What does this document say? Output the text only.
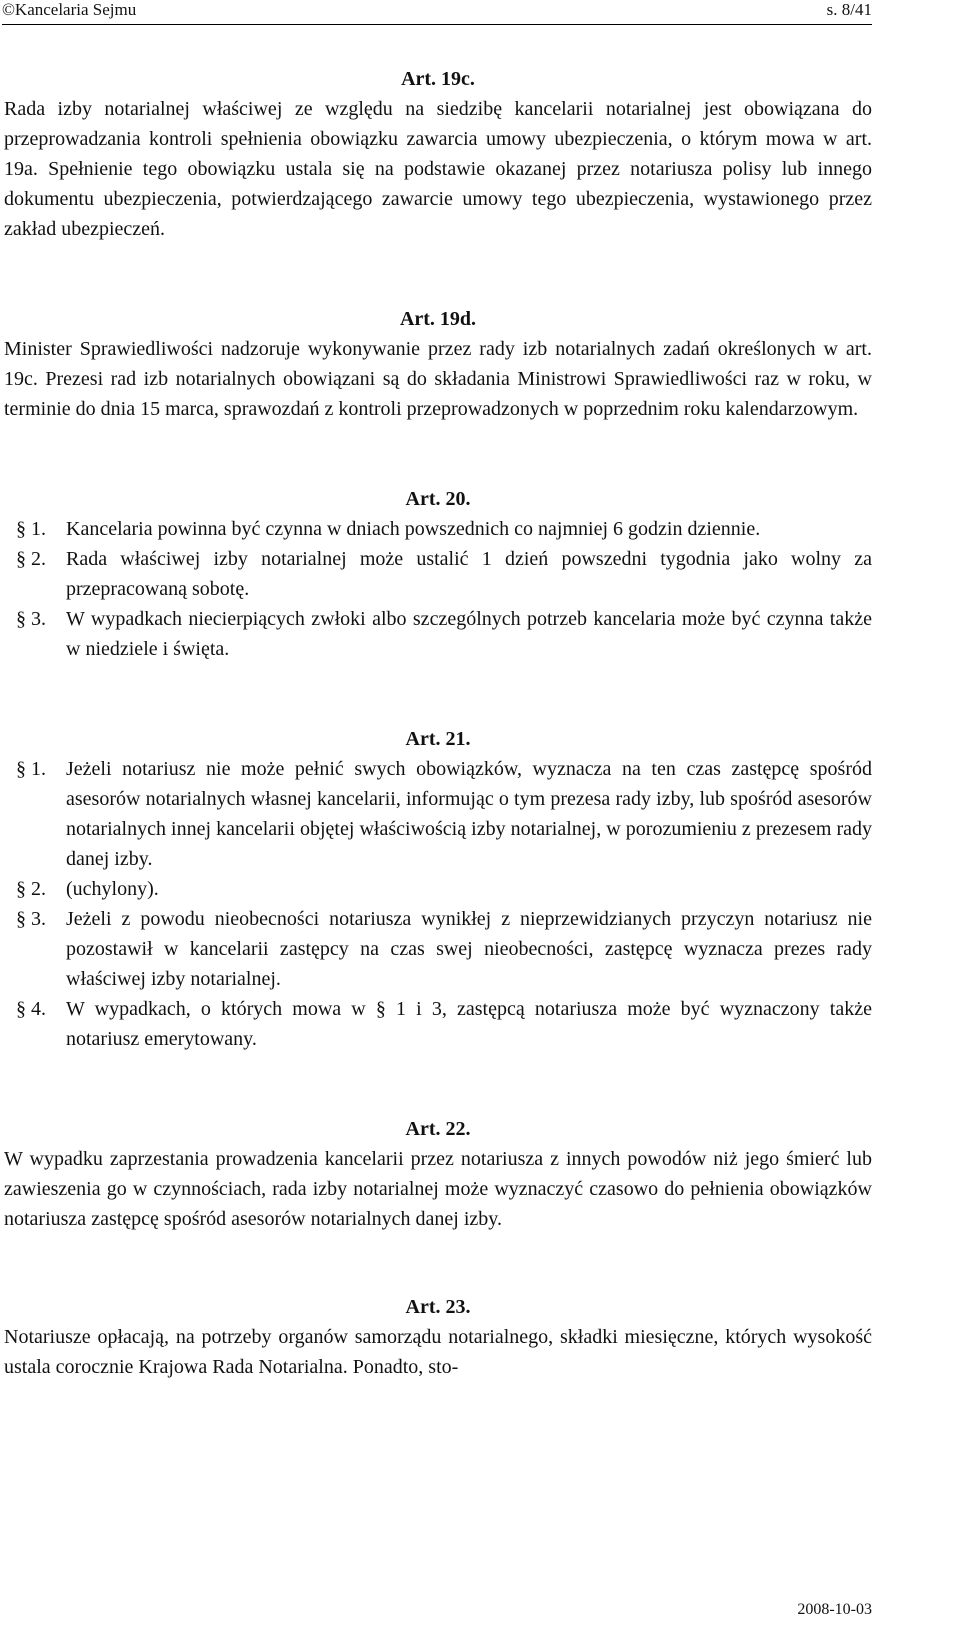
©Kancelaria Sejmu	s. 8/41

Art. 19c.

Rada izby notarialnej właściwej ze względu na siedzibę kancelarii notarialnej jest obowiązana do przeprowadzania kontroli spełnienia obowiązku zawarcia umowy ubezpieczenia, o którym mowa w art. 19a. Spełnienie tego obowiązku ustala się na podstawie okazanej przez notariusza polisy lub innego dokumentu ubezpieczenia, potwierdzającego zawarcie umowy tego ubezpieczenia, wystawionego przez zakład ubezpieczeń.

Art. 19d.

Minister Sprawiedliwości nadzoruje wykonywanie przez rady izb notarialnych zadań określonych w art. 19c. Prezesi rad izb notarialnych obowiązani są do składania Ministrowi Sprawiedliwości raz w roku, w terminie do dnia 15 marca, sprawozdań z kontroli przeprowadzonych w poprzednim roku kalendarzowym.

Art. 20.

§ 1. Kancelaria powinna być czynna w dniach powszednich co najmniej 6 godzin dziennie.

§ 2. Rada właściwej izby notarialnej może ustalić 1 dzień powszedni tygodnia jako wolny za przepracowaną sobotę.

§ 3. W wypadkach niecierpiących zwłoki albo szczególnych potrzeb kancelaria może być czynna także w niedziele i święta.

Art. 21.

§ 1. Jeżeli notariusz nie może pełnić swych obowiązków, wyznacza na ten czas zastępcę spośród asesorów notarialnych własnej kancelarii, informując o tym prezesa rady izby, lub spośród asesorów notarialnych innej kancelarii objętej właściwością izby notarialnej, w porozumieniu z prezesem rady danej izby.

§ 2. (uchylony).

§ 3. Jeżeli z powodu nieobecności notariusza wynikłej z nieprzewidzianych przyczyn notariusz nie pozostawił w kancelarii zastępcy na czas swej nieobecności, zastępcę wyznacza prezes rady właściwej izby notarialnej.

§ 4. W wypadkach, o których mowa w § 1 i 3, zastępcą notariusza może być wyznaczony także notariusz emerytowany.

Art. 22.

W wypadku zaprzestania prowadzenia kancelarii przez notariusza z innych powodów niż jego śmierć lub zawieszenia go w czynnościach, rada izby notarialnej może wyznaczyć czasowo do pełnienia obowiązków notariusza zastępcę spośród asesorów notarialnych danej izby.

Art. 23.

Notariusze opłacają, na potrzeby organów samorządu notarialnego, składki miesięczne, których wysokość ustala corocznie Krajowa Rada Notarialna. Ponadto, sto-

2008-10-03
